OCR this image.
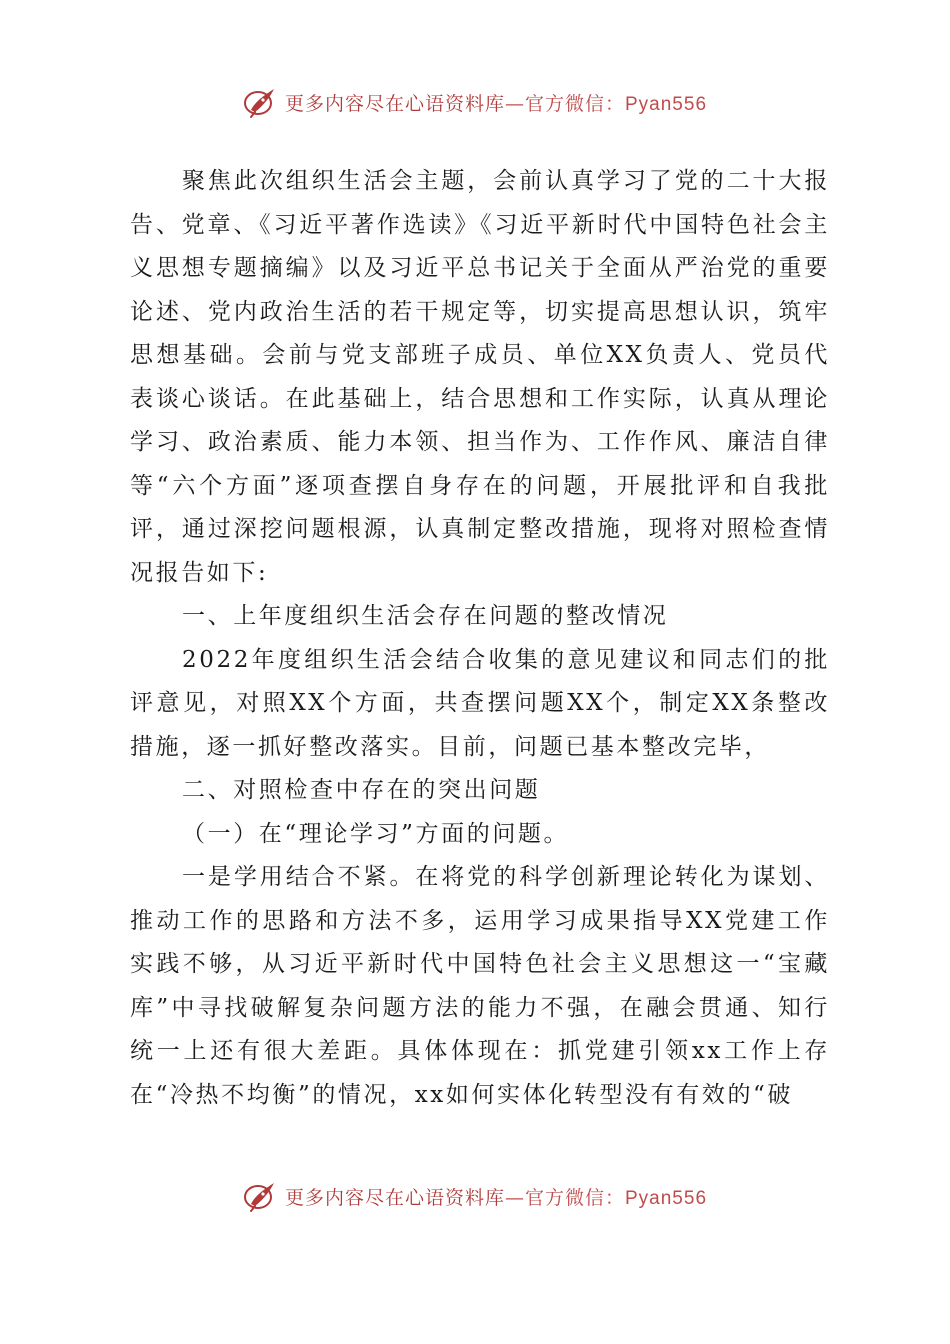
更多内容尽在心语资料库—官方微信：Pyan556

聚焦此次组织生活会主题，会前认真学习了党的二十大报告、党章、《习近平著作选读》《习近平新时代中国特色社会主义思想专题摘编》以及习近平总书记关于全面从严治党的重要论述、党内政治生活的若干规定等，切实提高思想认识，筑牢思想基础。会前与党支部班子成员、单位XX负责人、党员代表谈心谈话。在此基础上，结合思想和工作实际，认真从理论学习、政治素质、能力本领、担当作为、工作作风、廉洁自律等“六个方面”逐项查摆自身存在的问题，开展批评和自我批评，通过深挖问题根源，认真制定整改措施，现将对照检查情况报告如下:

一、上年度组织生活会存在问题的整改情况

2022年度组织生活会结合收集的意见建议和同志们的批评意见，对照XX个方面，共查摆问题XX个，制定XX条整改措施，逐一抓好整改落实。目前，问题已基本整改完毕，

二、对照检查中存在的突出问题

（一）在“理论学习”方面的问题。

一是学用结合不紧。在将党的科学创新理论转化为谋划、推动工作的思路和方法不多，运用学习成果指导XX党建工作实践不够，从习近平新时代中国特色社会主义思想这一“宝藏库”中寻找破解复杂问题方法的能力不强，在融会贯通、知行统一上还有很大差距。具体体现在：抓党建引领xx工作上存在“冷热不均衡”的情况，xx如何实体化转型没有有效的“破

更多内容尽在心语资料库—官方微信：Pyan556
